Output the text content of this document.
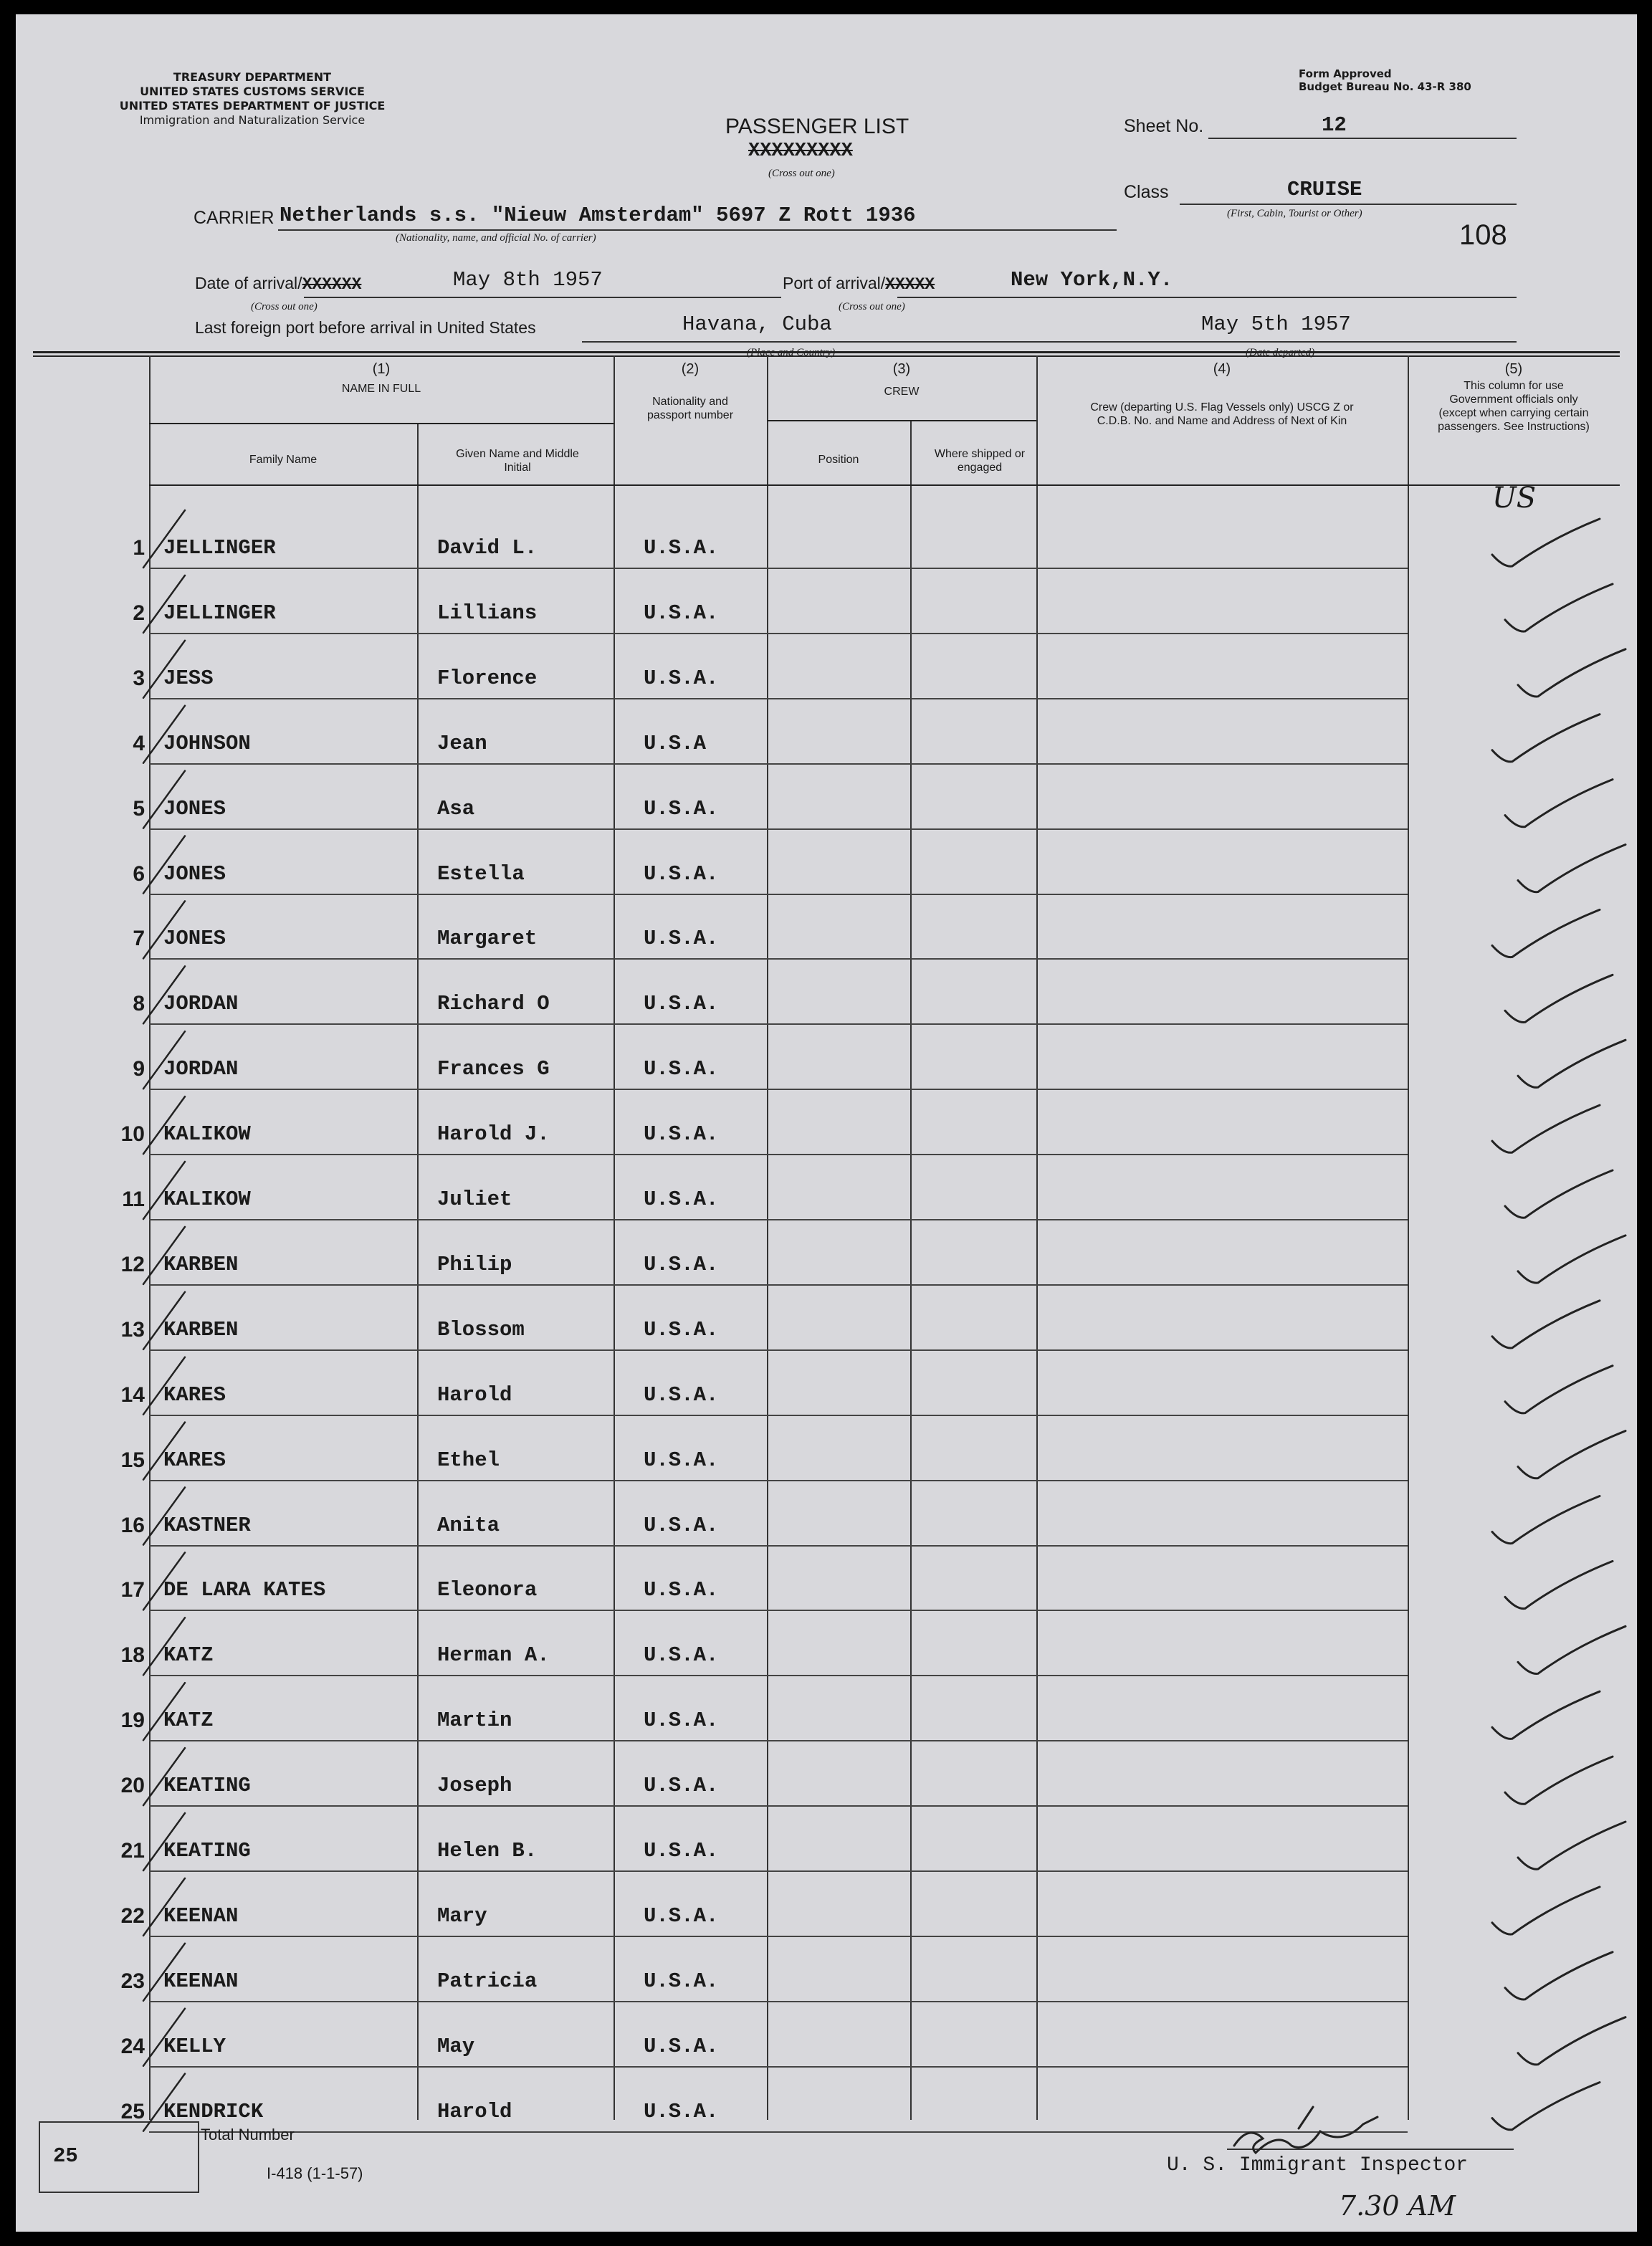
TREASURY DEPARTMENT
UNITED STATES CUSTOMS SERVICE
UNITED STATES DEPARTMENT OF JUSTICE
Immigration and Naturalization Service
Form Approved
Budget Bureau No. 43-R 380
PASSENGER LIST
XXXXXXXXX
(Cross out one)
Sheet No.	12
Class	CRUISE
(First, Cabin, Tourist or Other)
108
CARRIER Netherlands s.s. "Nieuw Amsterdam" 5697 Z Rott 1936
(Nationality, name, and official No. of carrier)
Date of arrival/XXXXXX	May 8th 1957
(Cross out one)
Port of arrival/XXXXX	New York,N.Y.
(Cross out one)
Last foreign port before arrival in United States	Havana, Cuba	May 5th 1957
(1)
NAME IN FULL
Family Name	Given Name and Middle Initial
(2)
Nationality and passport number
(3)
CREW
Position	Where shipped or engaged
(4)
Crew (departing U.S. Flag Vessels only) USCG Z or C.D.B. No. and Name and Address of Next of Kin
(5)
This column for use Government officials only (except when carrying certain passengers. See Instructions)
1 JELLINGER	David L.	U.S.A.
2 JELLINGER	Lillians	U.S.A.
3 JESS	Florence	U.S.A.
4 JOHNSON	Jean	U.S.A
5 JONES	Asa	U.S.A.
6 JONES	Estella	U.S.A.
7 JONES	Margaret	U.S.A.
8 JORDAN	Richard O	U.S.A.
9 JORDAN	Frances G	U.S.A.
10 KALIKOW	Harold J.	U.S.A.
11 KALIKOW	Juliet	U.S.A.
12 KARBEN	Philip	U.S.A.
13 KARBEN	Blossom	U.S.A.
14 KARES	Harold	U.S.A.
15 KARES	Ethel	U.S.A.
16 KASTNER	Anita	U.S.A.
17 DE LARA KATES	Eleonora	U.S.A.
18 KATZ	Herman A.	U.S.A.
19 KATZ	Martin	U.S.A.
20 KEATING	Joseph	U.S.A.
21 KEATING	Helen B.	U.S.A.
22 KEENAN	Mary	U.S.A.
23 KEENAN	Patricia	U.S.A.
24 KELLY	May	U.S.A.
25 KENDRICK	Harold	U.S.A.
US
25
Total Number
I-418 (1-1-57)	U. S. Immigrant Inspector
7.30 AM
